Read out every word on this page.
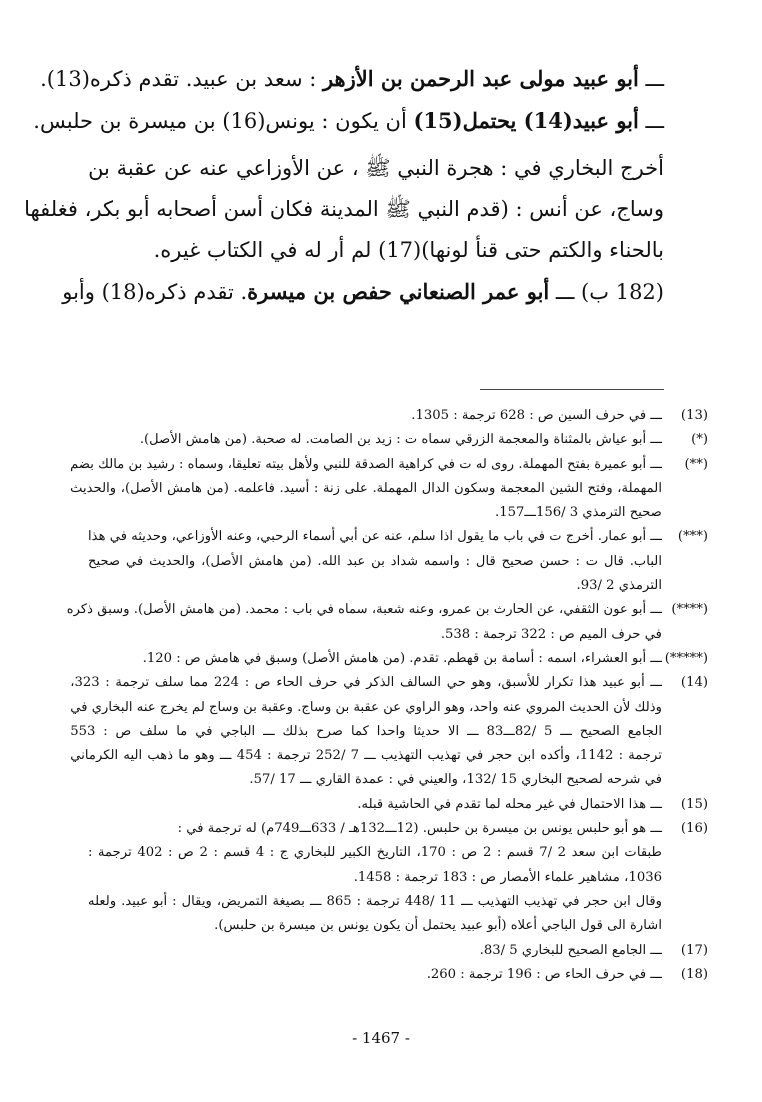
ـــ أبو عبيد مولى عبد الرحمن بن الأزهر : سعد بن عبيد. تقدم ذكره(13).
ـــ أبو عبيد(14) يحتمل(15) أن يكون : يونس(16) بن ميسرة بن حلبس.
أخرج البخاري في : هجرة النبي ﷺ ، عن الأوزاعي عنه عن عقبة بن
وساج، عن أنس : (قدم النبي ﷺ المدينة فكان أسن أصحابه أبو بكر، فغلفها
بالحناء والكتم حتى قنأ لونها)(17) لم أر له في الكتاب غيره.
(182 ب) ـــ أبو عمر الصنعاني حفص بن ميسرة. تقدم ذكره(18) وأبو
(13)
ـــ في حرف السين ص : 628 ترجمة : 1305.
(*)
ـــ أبو عياش بالمثناة والمعجمة الزرقي سماه ت : زيد بن الصامت. له صحبة. (من هامش الأصل).
(**)
ـــ أبو عميرة بفتح المهملة. روى له ت في كراهية الصدقة للنبي ولأهل بيته تعليقا، وسماه : رشيد بن مالك بضم
المهملة، وفتح الشين المعجمة وسكون الدال المهملة. على زنة : أسيد. فاعلمه. (من هامش الأصل)، والحديث
صحيح الترمذي 3 /156ـــ157.
(***)
ـــ أبو عمار. أخرج ت في باب ما يقول اذا سلم، عنه عن أبي أسماء الرحبي، وعنه الأوزاعي، وحديثه في هذا
الباب. قال ت : حسن صحيح قال : واسمه شداد بن عبد الله. (من هامش الأصل)، والحديث في صحيح
الترمذي 2 /93.
(****)
ـــ أبو عون الثقفي، عن الحارث بن عمرو، وعنه شعبة، سماه في باب : محمد. (من هامش الأصل). وسبق ذكره
في حرف الميم ص : 322 ترجمة : 538.
(*****)
ـــ أبو العشراء، اسمه : أسامة بن قهطم. تقدم. (من هامش الأصل) وسبق في هامش ص : 120.
(14)
ـــ أبو عبيد هذا تكرار للأسبق، وهو حي السالف الذكر في حرف الحاء ص : 224 مما سلف ترجمة : 323،
وذلك لأن الحديث المروي عنه واحد، وهو الراوي عن عقبة بن وساج. وعقبة بن وساج لم يخرج عنه البخاري في
الجامع الصحيح ـــ 5 /82ـــ83 ـــ الا حديثا واحدا كما صرح بذلك ـــ الباجي في ما سلف ص : 553
ترجمة : 1142، وأكده ابن حجر في تهذيب التهذيب ـــ 7 /252 ترجمة : 454 ـــ وهو ما ذهب اليه الكرماني
في شرحه لصحيح البخاري 15 /132، والعيني في : عمدة القاري ـــ 17 /57.
(15)
ـــ هذا الاحتمال في غير محله لما تقدم في الحاشية قبله.
(16)
ـــ هو أبو حلبس يونس بن ميسرة بن حلبس. (12ـــ132هـ / 633ـــ749م) له ترجمة في :
طبقات ابن سعد 2 /7 قسم : 2 ص : 170، التاريخ الكبير للبخاري ج : 4 قسم : 2 ص : 402 ترجمة :
1036، مشاهير علماء الأمصار ص : 183 ترجمة : 1458.
وقال ابن حجر في تهذيب التهذيب ـــ 11 /448 ترجمة : 865 ـــ بصيغة التمريض، ويقال : أبو عبيد. ولعله
اشارة الى قول الباجي أعلاه (أبو عبيد يحتمل أن يكون يونس بن ميسرة بن حلبس).
(17)
ـــ الجامع الصحيح للبخاري 5 /83.
(18)
ـــ في حرف الحاء ص : 196 ترجمة : 260.
- 1467 -
